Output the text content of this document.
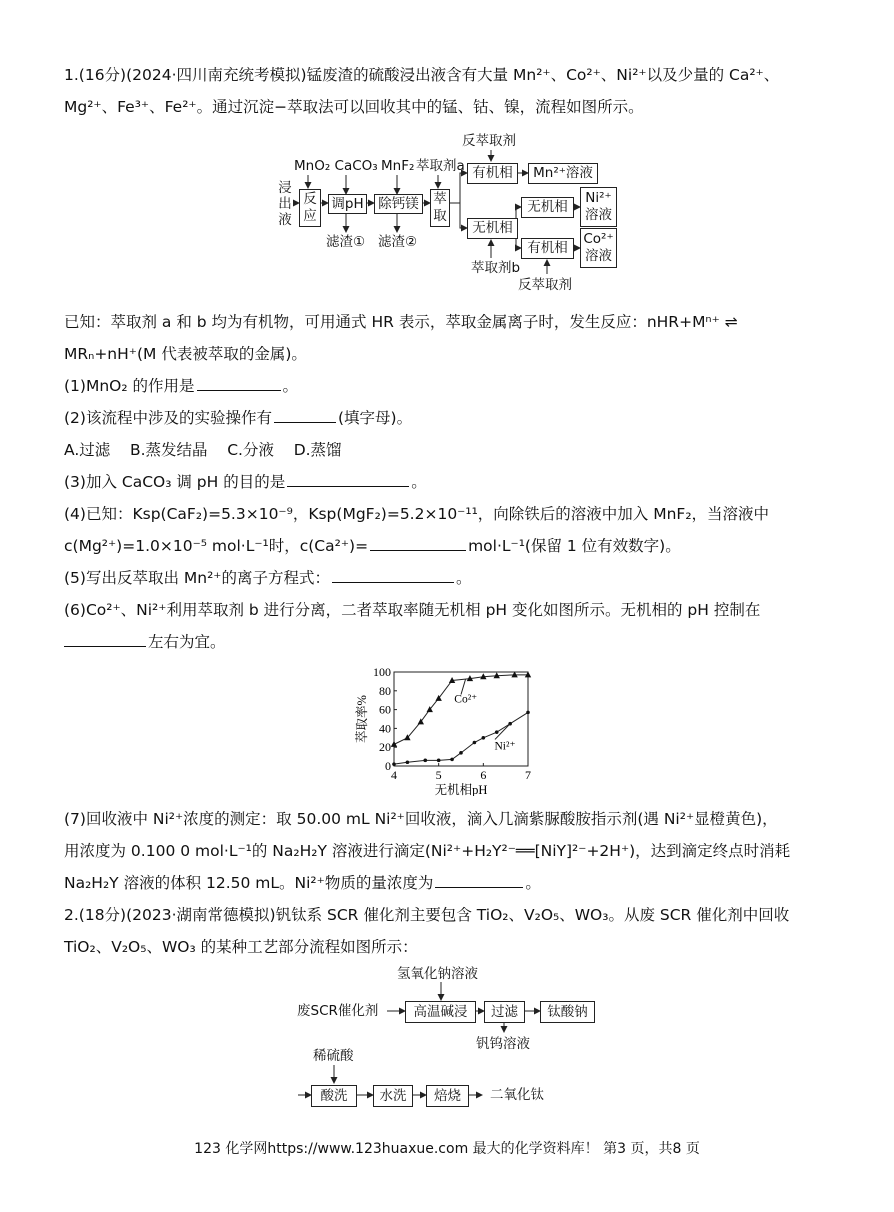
1.(16分)(2024·四川南充统考模拟)锰废渣的硫酸浸出液含有大量 Mn²⁺、Co²⁺、Ni²⁺以及少量的 Ca²⁺、
Mg²⁺、Fe³⁺、Fe²⁺。通过沉淀−萃取法可以回收其中的锰、钴、镍，流程如图所示。
浸
出
液
MnO₂ CaCO₃ MnF₂ 萃取剂a
反应
调pH	除钙镁	萃取
滤渣① 滤渣②
反萃取剂
有机相	Mn²⁺溶液
无机相
无机相
Ni²⁺ 溶液
有机相
Co²⁺ 溶液
萃取剂b
反萃取剂
已知：萃取剂 a 和 b 均为有机物，可用通式 HR 表示，萃取金属离子时，发生反应：nHR+Mⁿ⁺ ⇌
MRₙ+nH⁺(M 代表被萃取的金属)。
(1)MnO₂ 的作用是	。
(2)该流程中涉及的实验操作有	(填字母)。
A.过滤    B.蒸发结晶    C.分液    D.蒸馏
(3)加入 CaCO₃ 调 pH 的目的是	。
(4)已知：Ksp(CaF₂)=5.3×10⁻⁹，Ksp(MgF₂)=5.2×10⁻¹¹，向除铁后的溶液中加入 MnF₂，当溶液中
c(Mg²⁺)=1.0×10⁻⁵ mol·L⁻¹时，c(Ca²⁺)=	mol·L⁻¹(保留 1 位有效数字)。
(5)写出反萃取出 Mn²⁺的离子方程式：	。
(6)Co²⁺、Ni²⁺利用萃取剂 b 进行分离，二者萃取率随无机相 pH 变化如图所示。无机相的 pH 控制在
左右为宜。
0
20
40
60
80
100
4	5	6	7
无机相pH
萃取率%	Co²⁺
Ni²⁺
(7)回收液中 Ni²⁺浓度的测定：取 50.00 mL Ni²⁺回收液，滴入几滴紫脲酸胺指示剂(遇 Ni²⁺显橙黄色)，
用浓度为 0.100 0 mol·L⁻¹的 Na₂H₂Y 溶液进行滴定(Ni²⁺+H₂Y²⁻══[NiY]²⁻+2H⁺)，达到滴定终点时消耗
Na₂H₂Y 溶液的体积 12.50 mL。Ni²⁺物质的量浓度为	。
2.(18分)(2023·湖南常德模拟)钒钛系 SCR 催化剂主要包含 TiO₂、V₂O₅、WO₃。从废 SCR 催化剂中回收
TiO₂、V₂O₅、WO₃ 的某种工艺部分流程如图所示：
氢氧化钠溶液
废SCR催化剂	高温碱浸	过滤	钛酸钠
钒钨溶液
稀硫酸
酸洗	水洗	焙烧	二氧化钛
123 化学网https://www.123huaxue.com 最大的化学资料库！ 第3 页，共8 页
